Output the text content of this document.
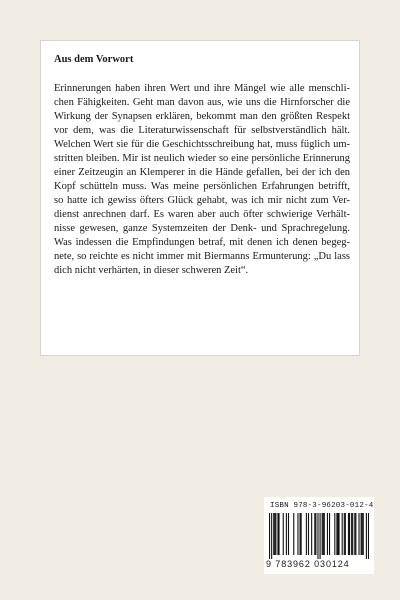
Aus dem Vorwort
Erinnerungen haben ihren Wert und ihre Mängel wie alle menschli-
chen Fähigkeiten. Geht man davon aus, wie uns die Hirnforscher die
Wirkung der Synapsen erklären, bekommt man den größten Respekt
vor dem, was die Literaturwissenschaft für selbstverständlich hält.
Welchen Wert sie für die Geschichtsschreibung hat, muss füglich um-
stritten bleiben. Mir ist neulich wieder so eine persönliche Erinnerung
einer Zeitzeugin an Klemperer in die Hände gefallen, bei der ich den
Kopf schütteln muss. Was meine persönlichen Erfahrungen betrifft,
so hatte ich gewiss öfters Glück gehabt, was ich mir nicht zum Ver-
dienst anrechnen darf. Es waren aber auch öfter schwierige Verhält-
nisse gewesen, ganze Systemzeiten der Denk- und Sprachregelung.
Was indessen die Empfindungen betraf, mit denen ich denen begeg-
nete, so reichte es nicht immer mit Biermanns Ermunterung: „Du lass
dich nicht verhärten, in dieser schweren Zeit“.
ISBN 978-3-96203-012-4
9 783962 030124
